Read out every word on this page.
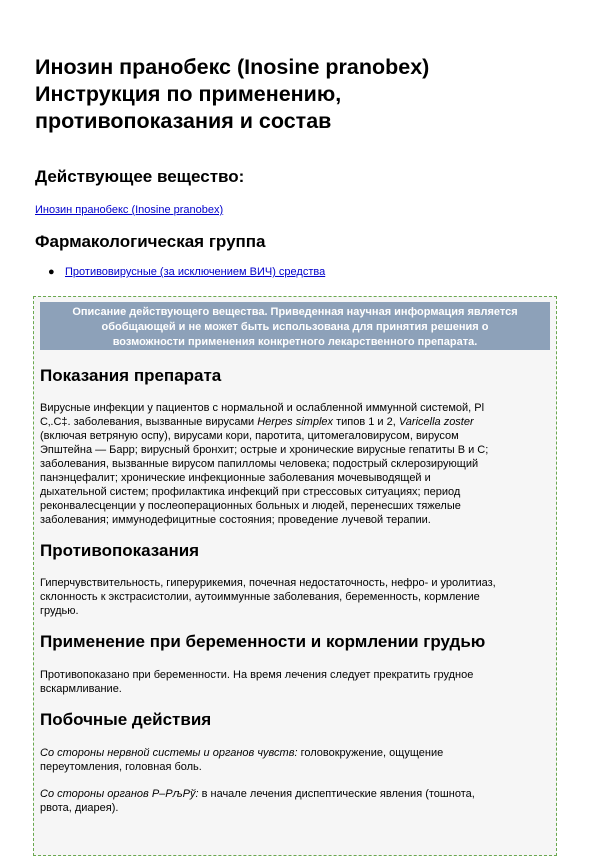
Инозин пранобекс (Inosine pranobex)
Инструкция по применению,
противопоказания и состав
Действующее вещество:
Инозин пранобекс (Inosine pranobex)
Фармакологическая группа
● Противовирусные (за исключением ВИЧ) средства
Описание действующего вещества. Приведенная научная информация является
обобщающей и не может быть использована для принятия решения о
возможности применения конкретного лекарственного препарата.
Показания препарата
Вирусные инфекции у пациентов с нормальной и ослабленной иммунной системой, Pl
С‚.С‡. заболевания, вызванные вирусами Herpes simplex типов 1 и 2, Varicella zoster
(включая ветряную оспу), вирусами кори, паротита, цитомегаловирусом, вирусом
Эпштейна — Барр; вирусный бронхит; острые и хронические вирусные гепатиты В и С;
заболевания, вызванные вирусом папилломы человека; подострый склерозирующий
панэнцефалит; хронические инфекционные заболевания мочевыводящей и
дыхательной систем; профилактика инфекций при стрессовых ситуациях; период
реконвалесценции у послеоперационных больных и людей, перенесших тяжелые
заболевания; иммунодефицитные состояния; проведение лучевой терапии.
Противопоказания
Гиперчувствительность, гиперурикемия, почечная недостаточность, нефро- и уролитиаз,
склонность к экстрасистолии, аутоиммунные заболевания, беременность, кормление
грудью.
Применение при беременности и кормлении грудью
Противопоказано при беременности. На время лечения следует прекратить грудное
вскармливание.
Побочные действия
Со стороны нервной системы и органов чувств: головокружение, ощущение
переутомления, головная боль.
Со стороны органов Р–РљРў: в начале лечения диспептические явления (тошнота,
рвота, диарея).
